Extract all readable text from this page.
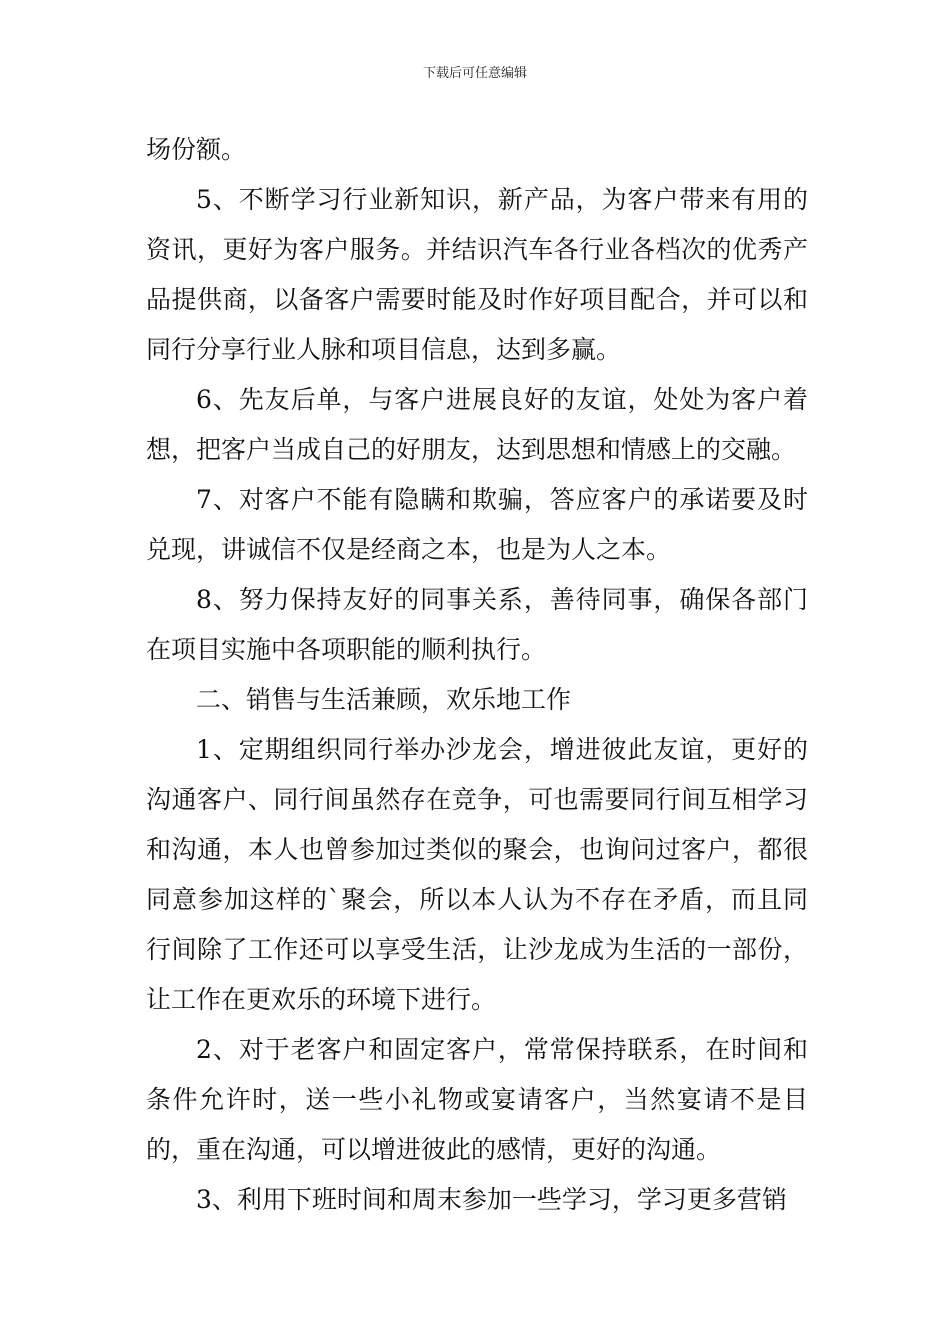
下载后可任意编辑

场份额。

5、不断学习行业新知识，新产品，为客户带来有用的资讯，更好为客户服务。并结识汽车各行业各档次的优秀产品提供商，以备客户需要时能及时作好项目配合，并可以和同行分享行业人脉和项目信息，达到多赢。

6、先友后单，与客户进展良好的友谊，处处为客户着想，把客户当成自己的好朋友，达到思想和情感上的交融。

7、对客户不能有隐瞒和欺骗，答应客户的承诺要及时兑现，讲诚信不仅是经商之本，也是为人之本。

8、努力保持友好的同事关系，善待同事，确保各部门在项目实施中各项职能的顺利执行。

二、销售与生活兼顾，欢乐地工作

1、定期组织同行举办沙龙会，增进彼此友谊，更好的沟通客户、同行间虽然存在竞争，可也需要同行间互相学习和沟通，本人也曾参加过类似的聚会，也询问过客户，都很同意参加这样的`聚会，所以本人认为不存在矛盾，而且同行间除了工作还可以享受生活，让沙龙成为生活的一部份，让工作在更欢乐的环境下进行。

2、对于老客户和固定客户，常常保持联系，在时间和条件允许时，送一些小礼物或宴请客户，当然宴请不是目的，重在沟通，可以增进彼此的感情，更好的沟通。

3、利用下班时间和周末参加一些学习，学习更多营销
